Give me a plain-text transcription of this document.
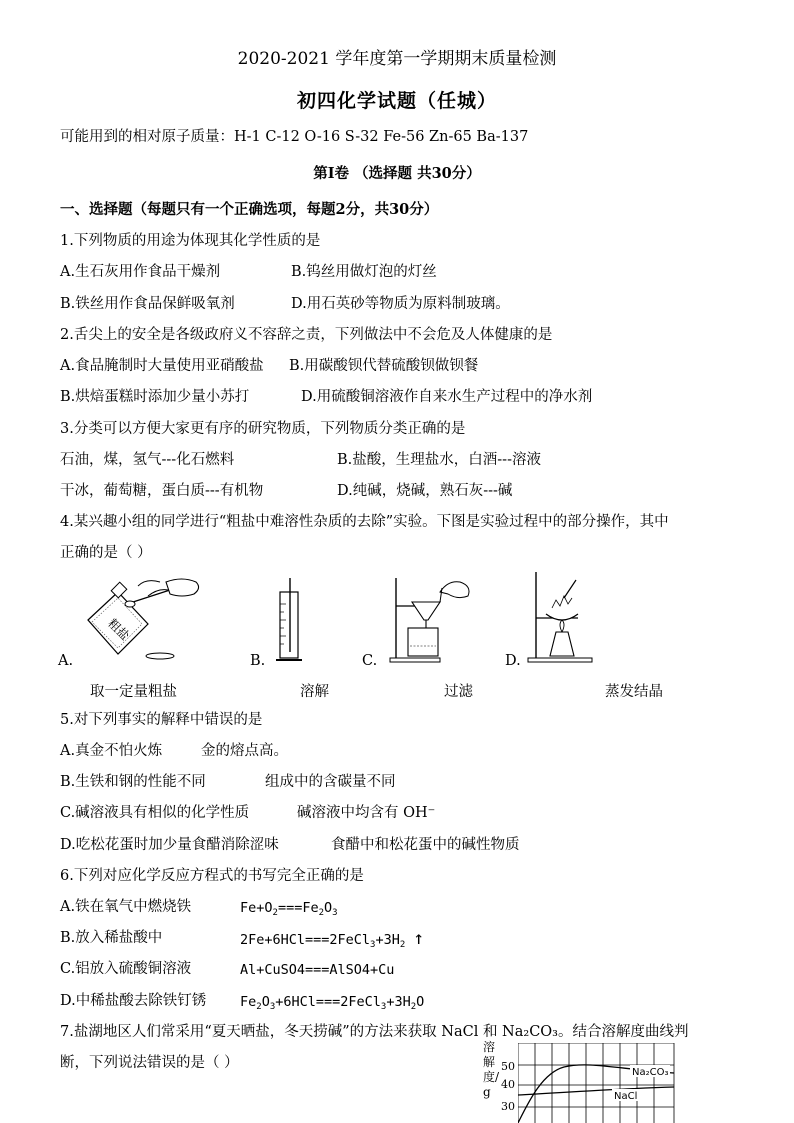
2020-2021 学年度第一学期期末质量检测
初四化学试题（任城）
可能用到的相对原子质量：H-1 C-12 O-16 S-32 Fe-56 Zn-65 Ba-137
第Ⅰ卷 （选择题 共30分）
一、选择题（每题只有一个正确选项，每题2分，共30分）
1.下列物质的用途为体现其化学性质的是
A.生石灰用作食品干燥剂	B.钨丝用做灯泡的灯丝
B.铁丝用作食品保鲜吸氧剂	D.用石英砂等物质为原料制玻璃。
2.舌尖上的安全是各级政府义不容辞之责，下列做法中不会危及人体健康的是
A.食品腌制时大量使用亚硝酸盐 B.用碳酸钡代替硫酸钡做钡餐
B.烘焙蛋糕时添加少量小苏打	D.用硫酸铜溶液作自来水生产过程中的净水剂
3.分类可以方便大家更有序的研究物质，下列物质分类正确的是
石油，煤，氢气---化石燃料	B.盐酸，生理盐水，白酒---溶液
干冰，葡萄糖，蛋白质---有机物	D.纯碱，烧碱，熟石灰---碱
4.某兴趣小组的同学进行“粗盐中难溶性杂质的去除”实验。下图是实验过程中的部分操作，其中
正确的是（ ）
粗盐
A.
取一定量粗盐
B.
溶解
C.
过滤
D.
蒸发结晶
5.对下列事实的解释中错误的是
A.真金不怕火炼	金的熔点高。
B.生铁和钢的性能不同	组成中的含碳量不同
C.碱溶液具有相似的化学性质	碱溶液中均含有 OH⁻
D.吃松花蛋时加少量食醋消除涩味	食醋中和松花蛋中的碱性物质
6.下列对应化学反应方程式的书写完全正确的是
A.铁在氧气中燃烧铁	$Fe+O_2===Fe_2O_3$
B.放入稀盐酸中	$2Fe+6HCl===2FeCl_3+3H_2$ ↑
C.铝放入硫酸铜溶液	Al+CuSO4===AlSO4+Cu
D.中稀盐酸去除铁钉锈	$Fe_2O_3+6HCl===2FeCl_3+3H_2O$
7.盐湖地区人们常采用“夏天晒盐，冬天捞碱”的方法来获取 NaCl 和 Na₂CO₃。结合溶解度曲线判
断，下列说法错误的是（ ）
溶解度/g
50
40
30
Na₂CO₃
NaCl
